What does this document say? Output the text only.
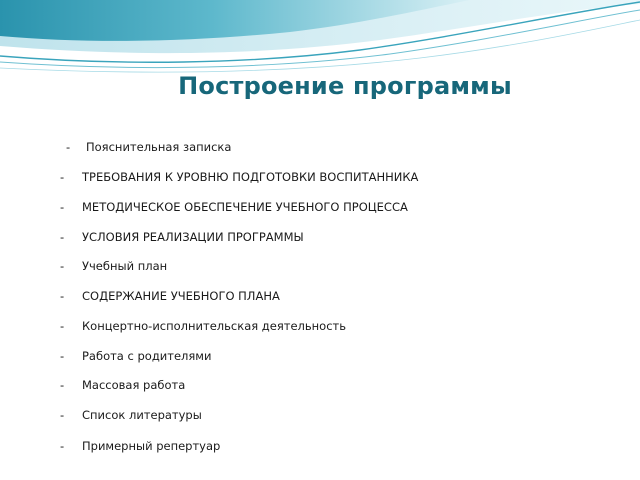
Построение программы
- Пояснительная записка
- ТРЕБОВАНИЯ К УРОВНЮ ПОДГОТОВКИ ВОСПИТАННИКА
- МЕТОДИЧЕСКОЕ ОБЕСПЕЧЕНИЕ УЧЕБНОГО ПРОЦЕССА
- УСЛОВИЯ РЕАЛИЗАЦИИ ПРОГРАММЫ
- Учебный план
- СОДЕРЖАНИЕ УЧЕБНОГО ПЛАНА
- Концертно-исполнительская деятельность
- Работа с родителями
- Массовая работа
- Список литературы
- Примерный репертуар
